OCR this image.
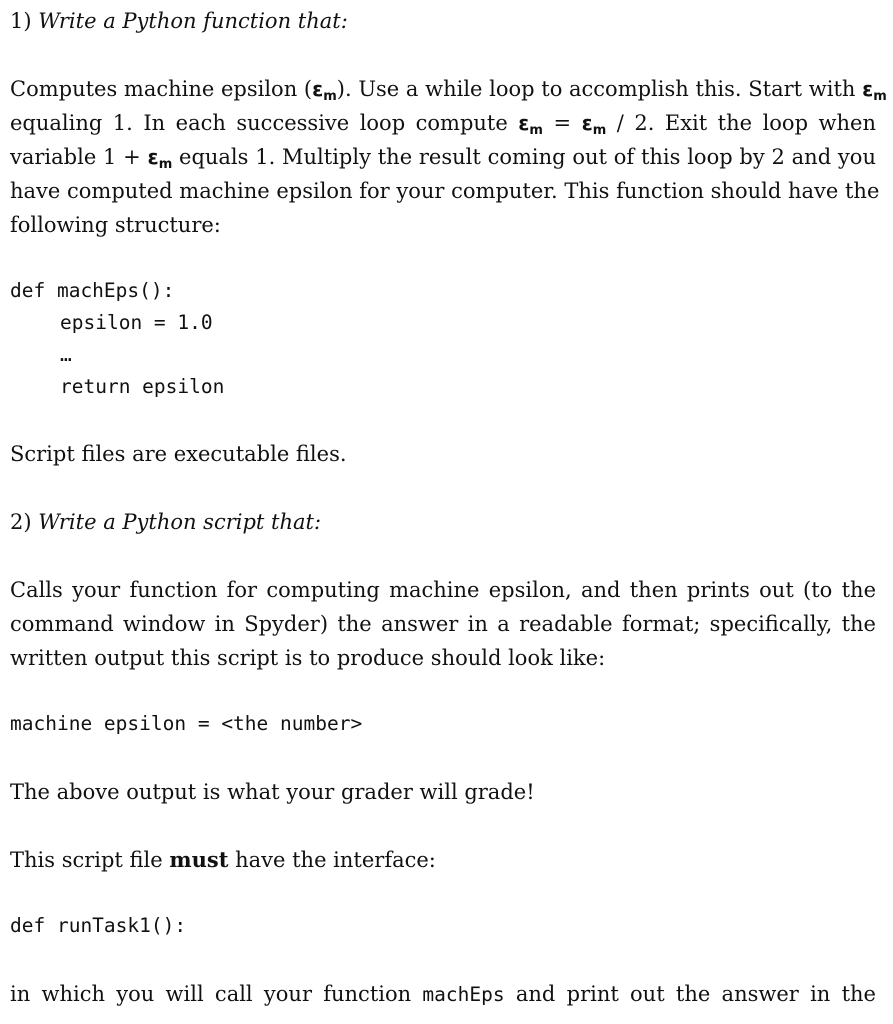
1) Write a Python function that:
Computes machine epsilon $(\varepsilon_m)$. Use a while loop to accomplish this. Start with $\varepsilon_m$
equaling 1. In each successive loop compute $\varepsilon_m = \varepsilon_m / 2$. Exit the loop when
variable $1 + \varepsilon_m$ equals 1. Multiply the result coming out of this loop by 2 and you
have computed machine epsilon for your computer. This function should have the
following structure:
def machEps():
epsilon = 1.0
…
return epsilon
Script files are executable files.
2) Write a Python script that:
Calls your function for computing machine epsilon, and then prints out (to the
command window in Spyder) the answer in a readable format; specifically, the
written output this script is to produce should look like:
machine epsilon = <the number>
The above output is what your grader will grade!
This script file must have the interface:
def runTask1():
in which you will call your function machEps and print out the answer in the
